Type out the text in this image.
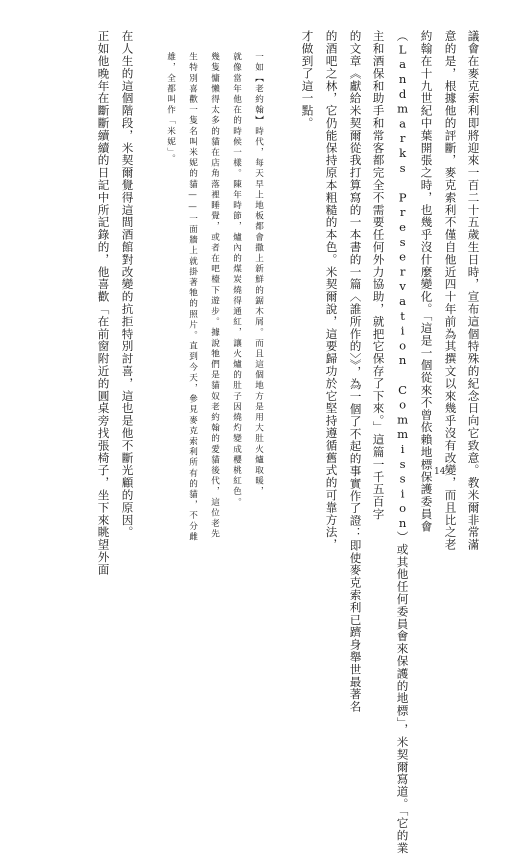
議會在麥克索利即將迎來一百二十五歲生日時，宣布這個特殊的紀念日向它致意。教米爾非常滿
意的是，根據他的評斷，麥克索利不僅自他近四十年前為其撰文以來幾乎沒有改變，而且比之老
約翰在十九世紀中葉開張之時，也幾乎沒什麼變化。「這是一個從來不曾依賴地標保護委員會
（Landmarks Preservation Commission）或其他任何委員會來保護的地標」，米契爾寫道。「它的業
主和酒保和助手和常客都完全不需要任何外力協助，就把它保存了下來。」這篇一千五百字
的文章《獻給米契爾從我打算寫的一本書的一篇〈誰所作的〉》，為一個了不起的事實作了證：即使麥克索利已躋身舉世最著名
的酒吧之林，它仍能保持原本粗糙的本色。米契爾說，這要歸功於它堅持遵循舊式的可靠方法，
才做到了這一點。
一如【老約翰】時代，每天早上地板都會撒上新鮮的鋸木屑。而且這個地方是用大肚火爐取暖，
就像當年他在的時候一樣。陳年時節，爐內的煤炭燒得通紅，讓火爐的肚子因燒灼變成櫻桃紅色。
幾隻慵懶得太多的貓在店角落裡睡覺，或者在吧檯下遊步。據說牠們是貓奴老約翰的愛貓後代，這位老先
生特別喜歡一隻名叫米妮的貓——一面牆上就掛著牠的照片。直到今天，參見麥克索利所有的貓，不分雌
雄，全都叫作「米妮」。
在人生的這個階段，米契爾覺得這間酒館對改變的抗拒特別討喜，這也是他不斷光顧的原因。
正如他晚年在斷斷續續的日記中所記錄的，他喜歡「在前窗附近的圓桌旁找張椅子，坐下來眺望外面	14
